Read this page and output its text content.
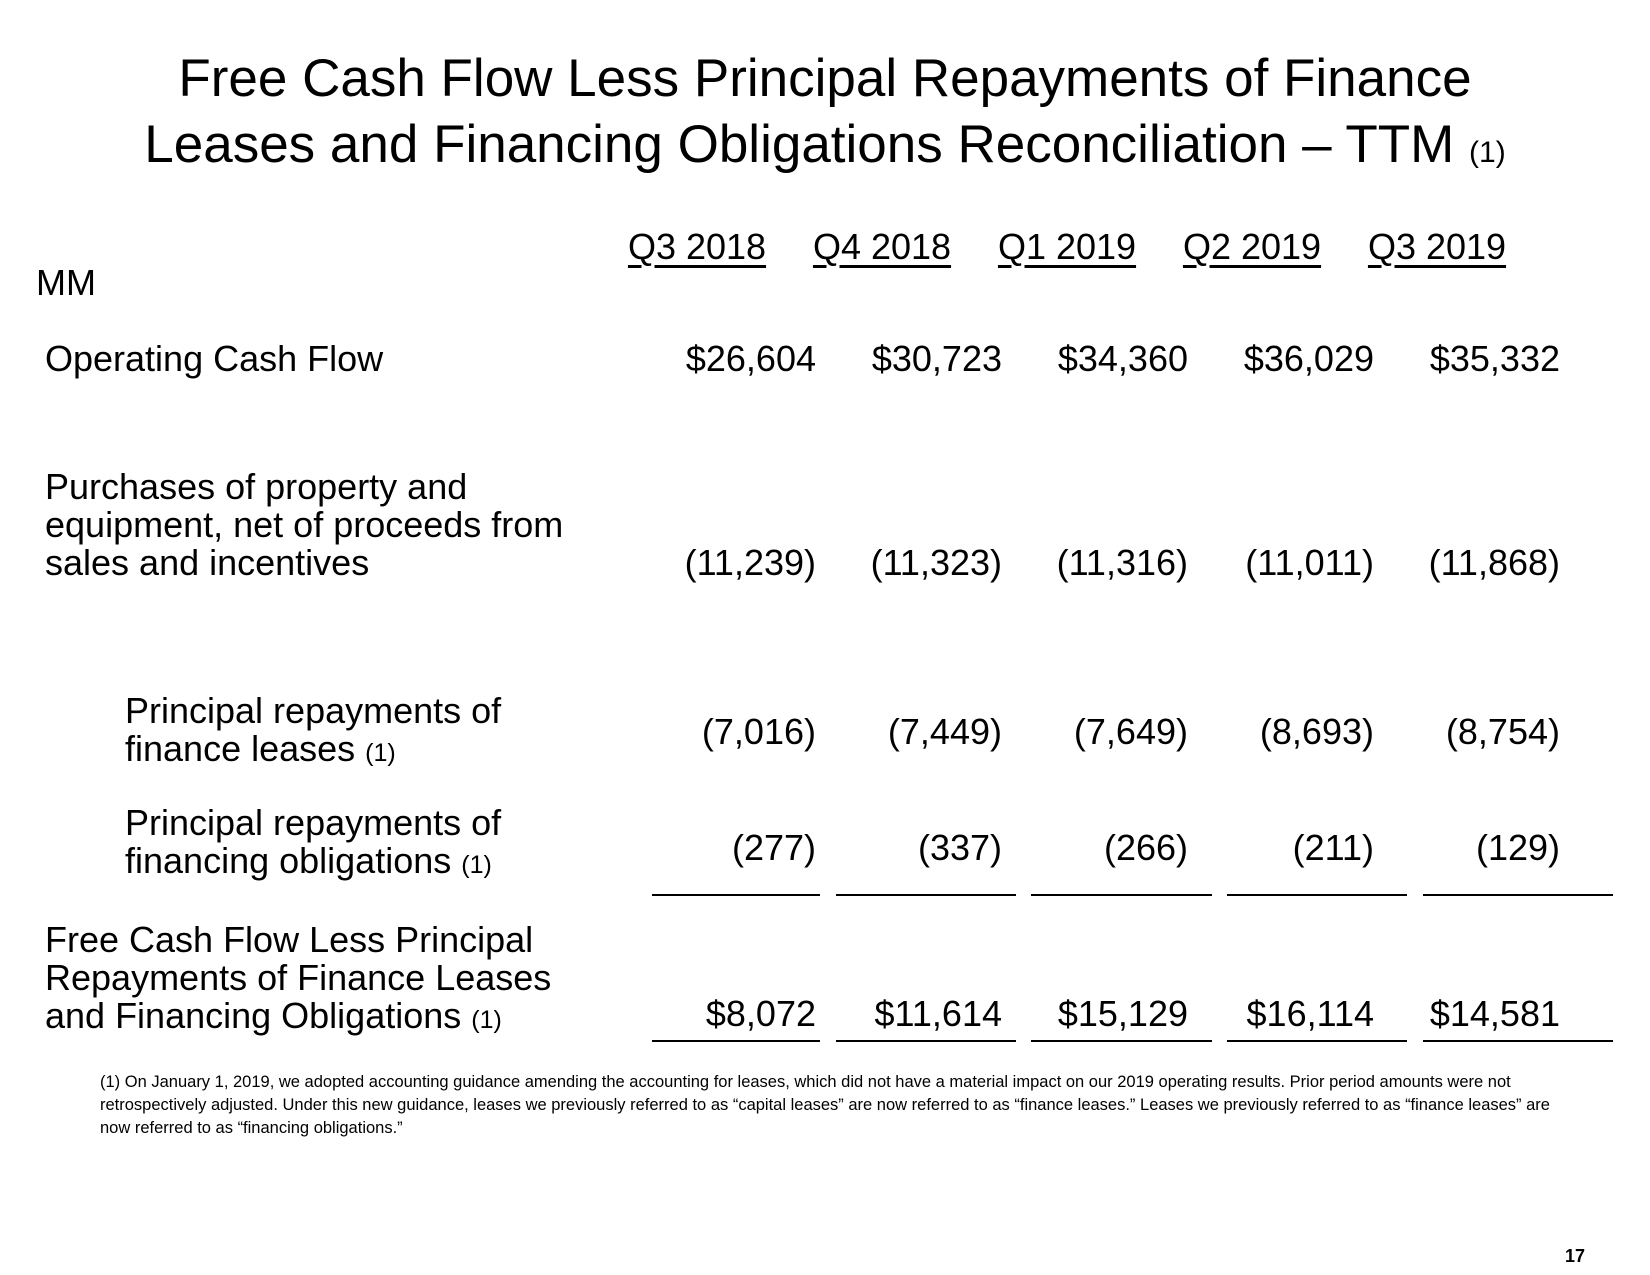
Free Cash Flow Less Principal Repayments of Finance
Leases and Financing Obligations Reconciliation – TTM (1)
MM
Q3 2018	Q4 2018	Q1 2019	Q2 2019	Q3 2019
Operating Cash Flow	$26,604	$30,723	$34,360	$36,029	$35,332
Purchases of property and
equipment, net of proceeds from
sales and incentives	(11,239)	(11,323)	(11,316)	(11,011)	(11,868)
Principal repayments of
finance leases (1)
(7,016)	(7,449)	(7,649)	(8,693)	(8,754)
Principal repayments of
financing obligations (1)	(277)	(337)	(266)	(211)	(129)
Free Cash Flow Less Principal
Repayments of Finance Leases
and Financing Obligations (1)	$8,072	$11,614	$15,129	$16,114	$14,581
(1) On January 1, 2019, we adopted accounting guidance amending the accounting for leases, which did not have a material impact on our 2019 operating results. Prior period amounts were not retrospectively adjusted. Under this new guidance, leases we previously referred to as “capital leases” are now referred to as “finance leases.” Leases we previously referred to as “finance leases” are now referred to as “financing obligations.”
17
